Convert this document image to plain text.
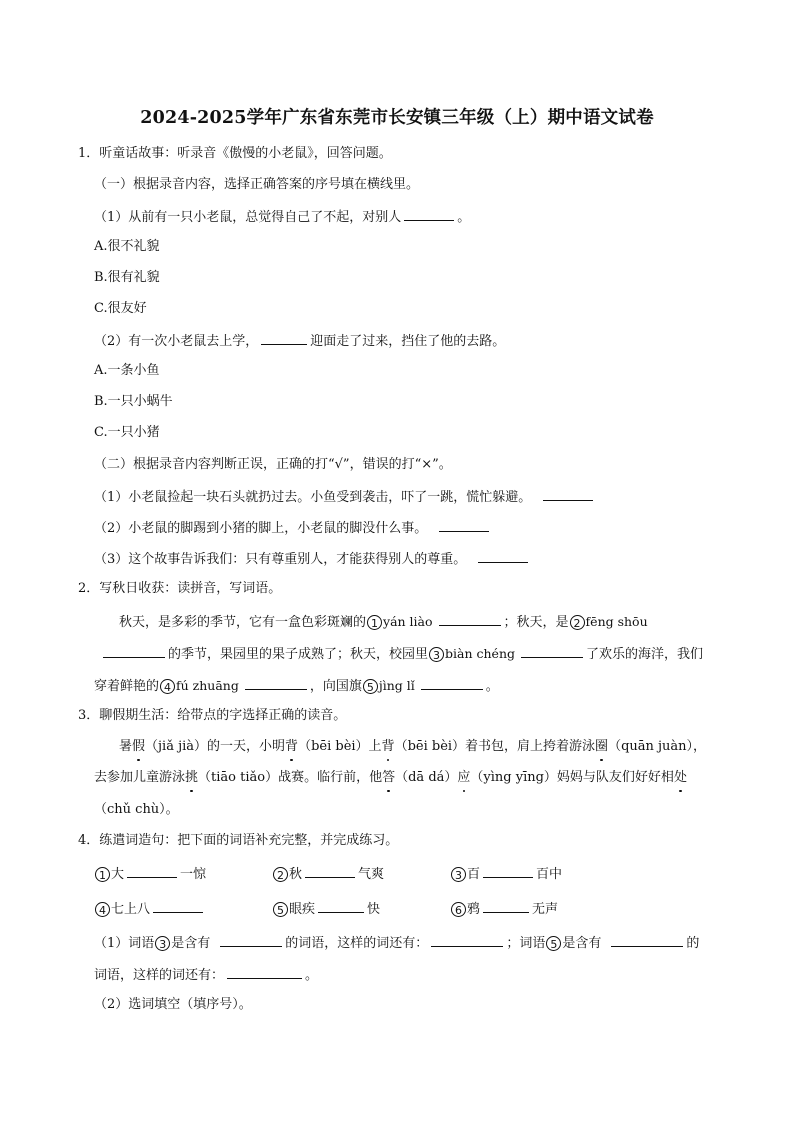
2024-2025学年广东省东莞市长安镇三年级（上）期中语文试卷

1．听童话故事：听录音《傲慢的小老鼠》，回答问题。

（一）根据录音内容，选择正确答案的序号填在横线里。

（1）从前有一只小老鼠，总觉得自己了不起，对别人	。

A.很不礼貌

B.很有礼貌

C.很友好

（2）有一次小老鼠去上学，	迎面走了过来，挡住了他的去路。

A.一条小鱼

B.一只小蜗牛

C.一只小猪

（二）根据录音内容判断正误，正确的打“√”，错误的打“×”。

（1）小老鼠捡起一块石头就扔过去。小鱼受到袭击，吓了一跳，慌忙躲避。

（2）小老鼠的脚踢到小猪的脚上，小老鼠的脚没什么事。

（3）这个故事告诉我们：只有尊重别人，才能获得别人的尊重。

2．写秋日收获：读拼音，写词语。

秋天，是多彩的季节，它有一盒色彩斑斓的 1 yán liào	；秋天，是 2 fēng shōu

的季节，果园里的果子成熟了；秋天，校园里 3 biàn chéng	了欢乐的海洋，我们

穿着鲜艳的 4 fú zhuāng	，向国旗 5 jìng lǐ	。

3．聊假期生活：给带点的字选择正确的读音。

暑假（jiǎ jià）的一天，小明背（bēi bèi）上背（bēi bèi）着书包，肩上挎着游泳圈（quān juàn），

去参加儿童游泳挑（tiāo tiǎo）战赛。临行前，他答（dā dá）应（yìng yīng）妈妈与队友们好好相处

（chǔ chù）。

4．练遣词造句：把下面的词语补充完整，并完成练习。

1 大	一惊	2 秋	气爽	3 百	百中
4 七上八	5 眼疾	快	6 鸦	无声

（1）词语 3 是含有	的词语，这样的词还有：	；词语 5 是含有	的

词语，这样的词还有：	。

（2）选词填空（填序号）。
